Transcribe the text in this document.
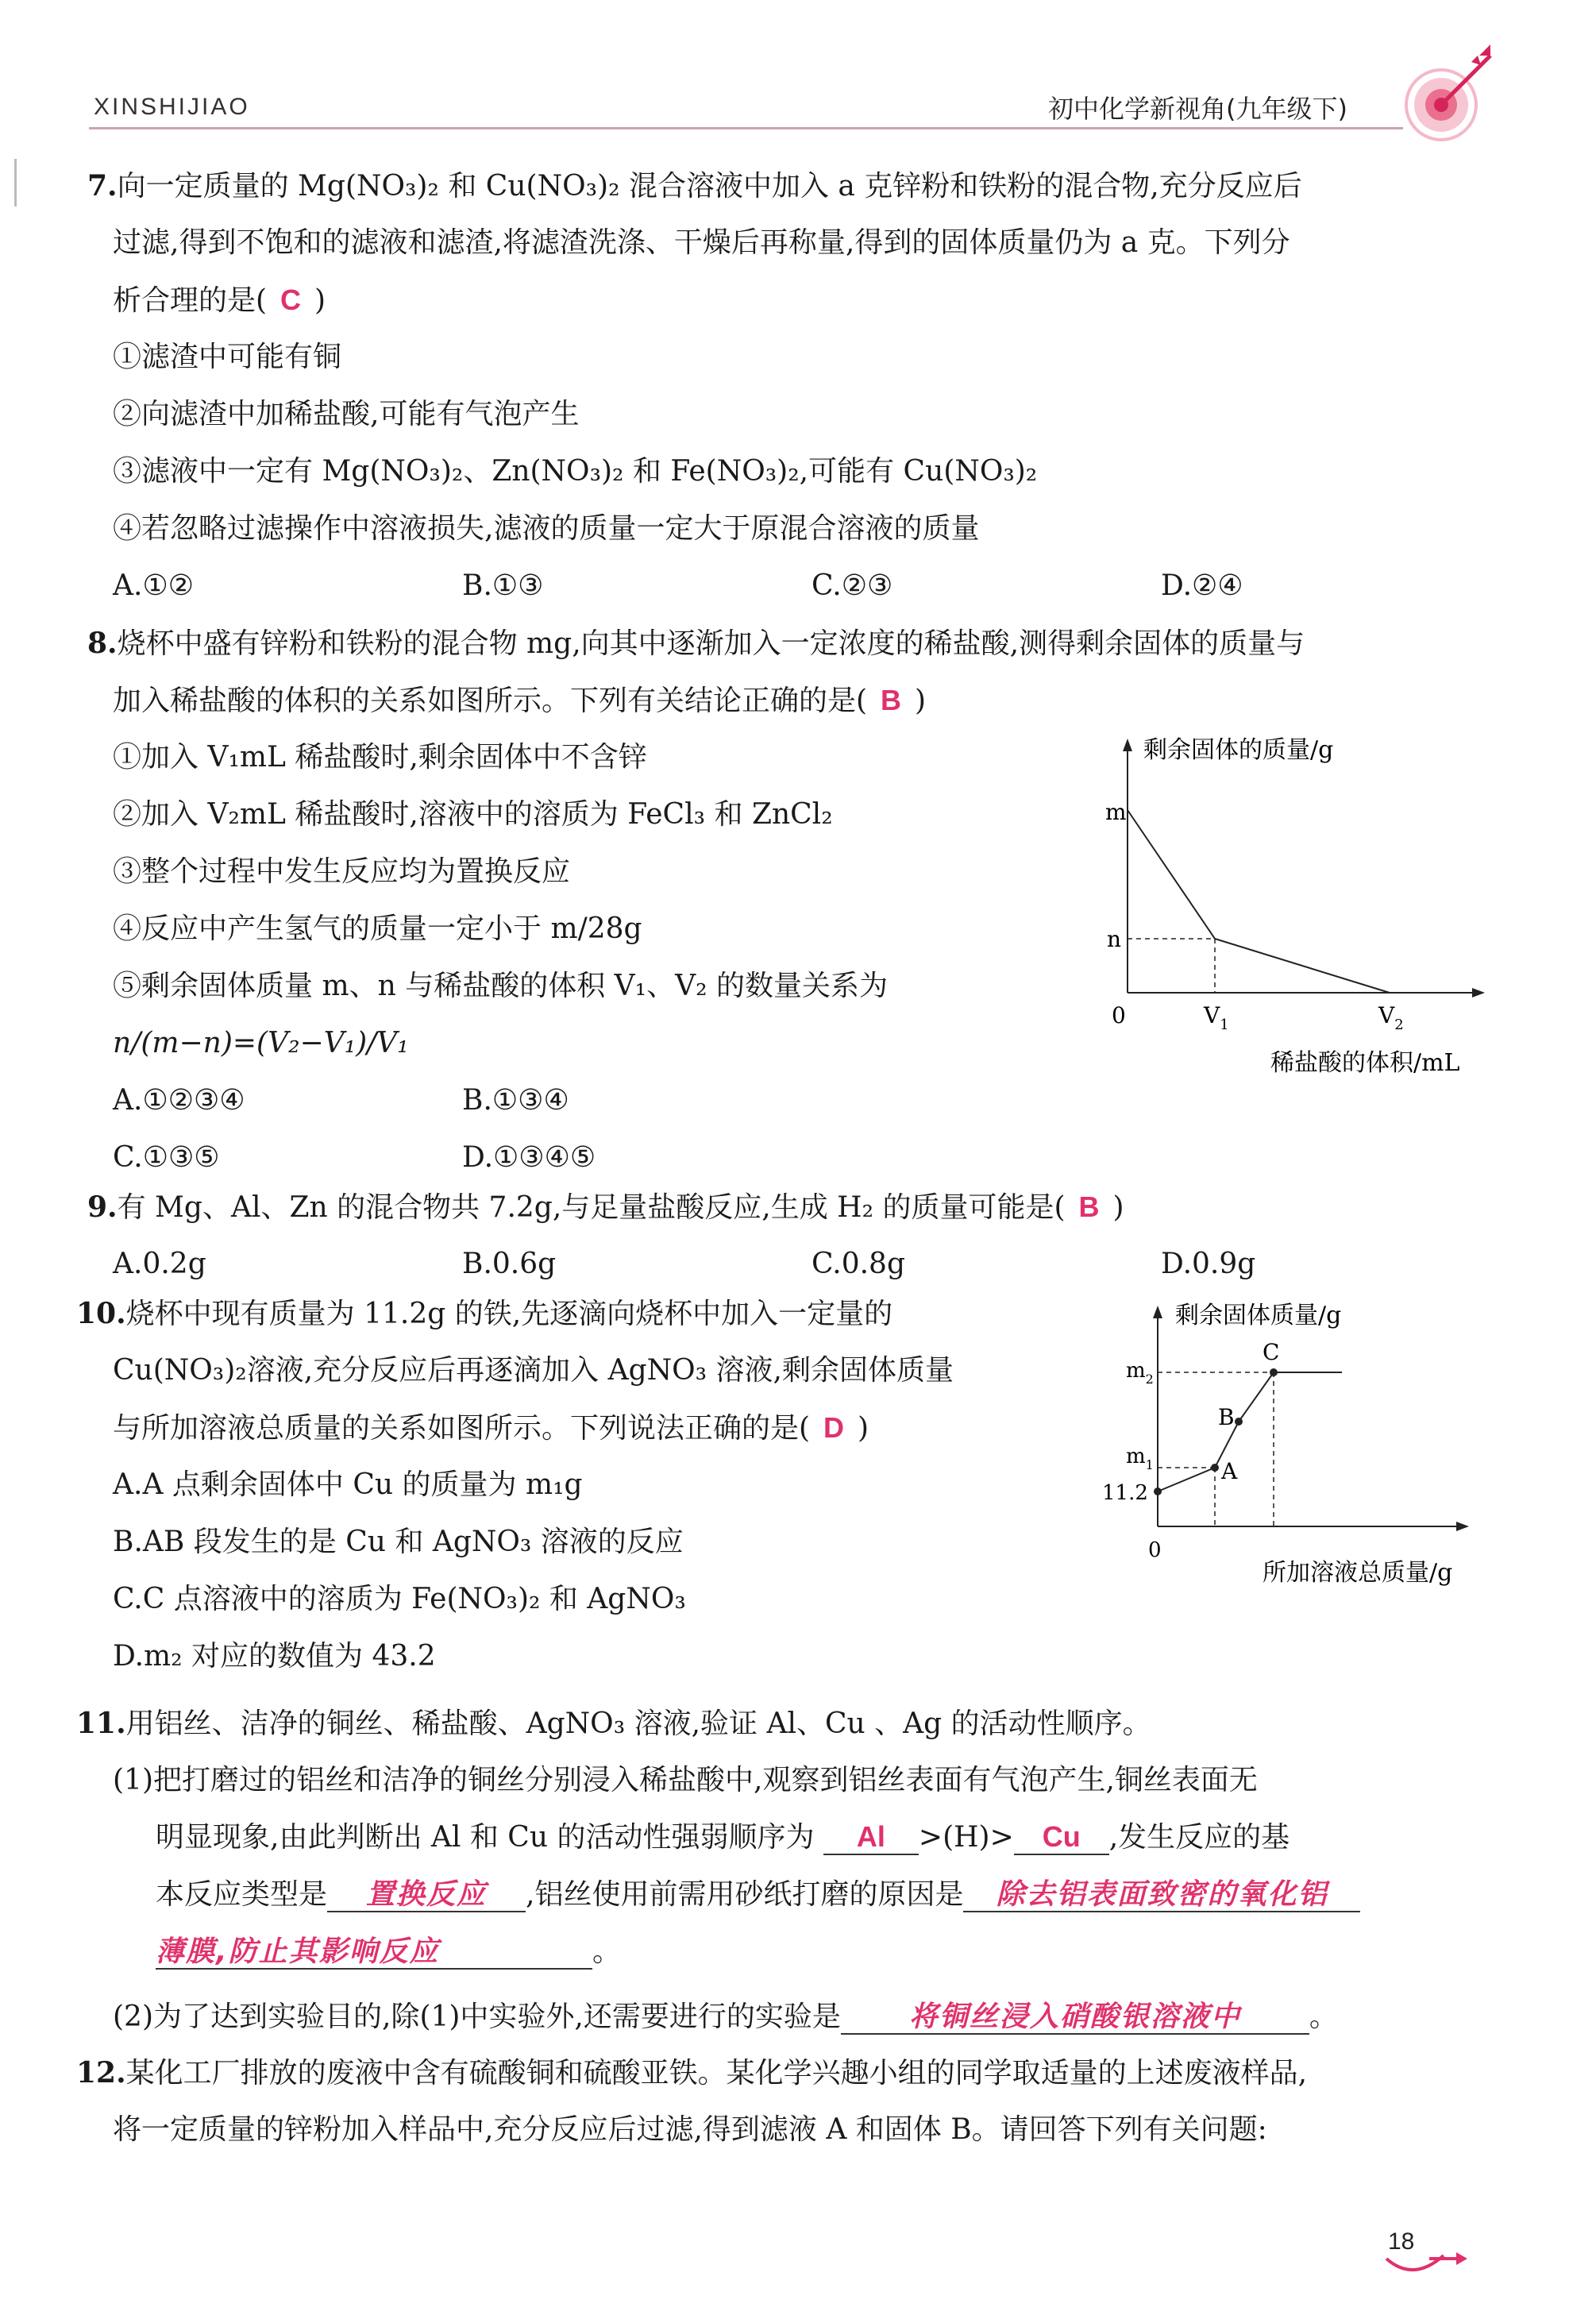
XINSHIJIAO	初中化学新视角(九年级下)
7.向一定质量的 Mg(NO₃)₂ 和 Cu(NO₃)₂ 混合溶液中加入 a 克锌粉和铁粉的混合物,充分反应后
过滤,得到不饱和的滤液和滤渣,将滤渣洗涤、干燥后再称量,得到的固体质量仍为 a 克。下列分
析合理的是( C )
①滤渣中可能有铜
②向滤渣中加稀盐酸,可能有气泡产生
③滤液中一定有 Mg(NO₃)₂、Zn(NO₃)₂ 和 Fe(NO₃)₂,可能有 Cu(NO₃)₂
④若忽略过滤操作中溶液损失,滤液的质量一定大于原混合溶液的质量
A.①②	B.①③	C.②③	D.②④
8.烧杯中盛有锌粉和铁粉的混合物 mg,向其中逐渐加入一定浓度的稀盐酸,测得剩余固体的质量与
加入稀盐酸的体积的关系如图所示。下列有关结论正确的是( B )
①加入 V₁mL 稀盐酸时,剩余固体中不含锌
②加入 V₂mL 稀盐酸时,溶液中的溶质为 FeCl₃ 和 ZnCl₂
③整个过程中发生反应均为置换反应
④反应中产生氢气的质量一定小于 m/28g
⑤剩余固体质量 m、n 与稀盐酸的体积 V₁、V₂ 的数量关系为
n/(m−n)=(V₂−V₁)/V₁
A.①②③④	B.①③④
C.①③⑤	D.①③④⑤
剩余固体的质量/g
m
n
0	$V_1$	$V_2$
稀盐酸的体积/mL
9.有 Mg、Al、Zn 的混合物共 7.2g,与足量盐酸反应,生成 H₂ 的质量可能是( B )
A.0.2g	B.0.6g	C.0.8g	D.0.9g
10.烧杯中现有质量为 11.2g 的铁,先逐滴向烧杯中加入一定量的
Cu(NO₃)₂溶液,充分反应后再逐滴加入 AgNO₃ 溶液,剩余固体质量
与所加溶液总质量的关系如图所示。下列说法正确的是( D )
A.A 点剩余固体中 Cu 的质量为 m₁g
B.AB 段发生的是 Cu 和 AgNO₃ 溶液的反应
C.C 点溶液中的溶质为 Fe(NO₃)₂ 和 AgNO₃
D.m₂ 对应的数值为 43.2
剩余固体质量/g
$m_2$
$m_1$
11.2
0
A
B
C
所加溶液总质量/g
11.用铝丝、洁净的铜丝、稀盐酸、AgNO₃ 溶液,验证 Al、Cu 、Ag 的活动性顺序。
(1)把打磨过的铝丝和洁净的铜丝分别浸入稀盐酸中,观察到铝丝表面有气泡产生,铜丝表面无
明显现象,由此判断出 Al 和 Cu 的活动性强弱顺序为 Al >(H)> Cu ,发生反应的基
本反应类型是 置换反应 ,铝丝使用前需用砂纸打磨的原因是 除去铝表面致密的氧化铝
薄膜,防止其影响反应	。
(2)为了达到实验目的,除(1)中实验外,还需要进行的实验是 将铜丝浸入硝酸银溶液中 。
12.某化工厂排放的废液中含有硫酸铜和硫酸亚铁。某化学兴趣小组的同学取适量的上述废液样品,
将一定质量的锌粉加入样品中,充分反应后过滤,得到滤液 A 和固体 B。请回答下列有关问题:
18
